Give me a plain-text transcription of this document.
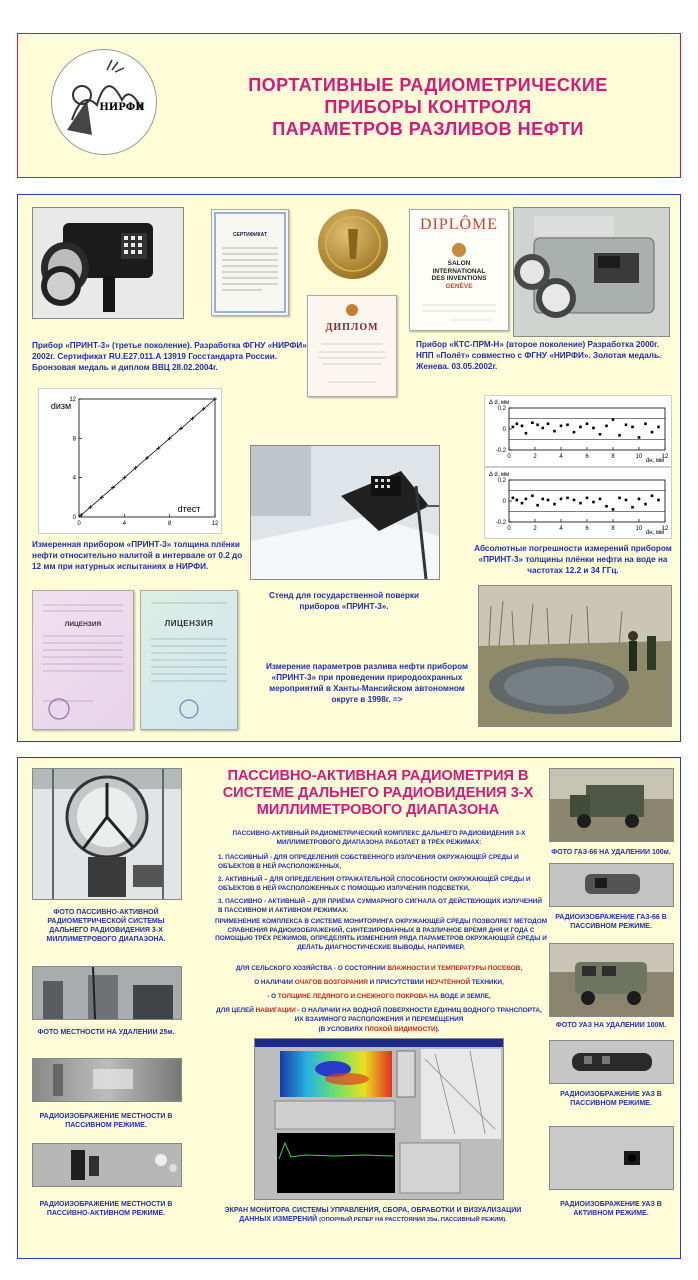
НИРФИ
ПОРТАТИВНЫЕ РАДИОМЕТРИЧЕСКИЕ
ПРИБОРЫ КОНТРОЛЯ
ПАРАМЕТРОВ РАЗЛИВОВ НЕФТИ
СЕРТИФИКАТ
ДИПЛОМ
DIPLÔME
SALON
INTERNATIONAL
DES INVENTIONS
GENÈVE
Прибор «ПРИНТ-3» (третье поколение). Разработка ФГНУ «НИРФИ» 2002г. Сертификат RU.E27.011.A 13919 Госстандарта России. Бронзовая медаль и диплом ВВЦ 28.02.2004г.
Прибор «КТС-ПРМ-Н» (второе поколение) Разработка 2000г. НПП «Полёт» совместно с ФГНУ «НИРФИ». Золотая медаль. Женева. 03.05.2002г.
0	4	8	12
0
4
8
12
dизм
dтест
0	2	4	6	8	10	12
0.2
0
-0.2
Δ d, мм
dн, мм
0	2	4	6	8	10	12
0.2
0
-0.2
Δ d, мм
dн, мм
Измеренная прибором «ПРИНТ-3» толщина плёнки нефти относительно налитой в интервале от 0.2 до 12 мм при натурных испытаниях в НИРФИ.
Абсолютные погрешности измерений прибором «ПРИНТ-3» толщины плёнки нефти на воде на частотах 12.2 и 34 ГГц.
ЛИЦЕНЗИЯ	ЛИЦЕНЗИЯ
Стенд для государственной поверки приборов «ПРИНТ-3».
Измерение параметров разлива нефти прибором «ПРИНТ-3» при проведении природоохранных мероприятий в Ханты-Мансийском автономном округе в 1998г. =>
ФОТО ПАССИВНО-АКТИВНОЙ РАДИОМЕТРИЧЕСКОЙ СИСТЕМЫ ДАЛЬНЕГО РАДИОВИДЕНИЯ 3-Х МИЛЛИМЕТРОВОГО ДИАПАЗОНА.
ФОТО МЕСТНОСТИ НА УДАЛЕНИИ 25м.
РАДИОИЗОБРАЖЕНИЕ МЕСТНОСТИ В ПАССИВНОМ РЕЖИМЕ.
РАДИОИЗОБРАЖЕНИЕ МЕСТНОСТИ В ПАССИВНО-АКТИВНОМ РЕЖИМЕ.
ПАССИВНО-АКТИВНАЯ РАДИОМЕТРИЯ В СИСТЕМЕ ДАЛЬНЕГО РАДИОВИДЕНИЯ 3-Х МИЛЛИМЕТРОВОГО ДИАПАЗОНА
ПАССИВНО-АКТИВНЫЙ РАДИОМЕТРИЧЕСКИЙ КОМПЛЕКС ДАЛЬНЕГО РАДИОВИДЕНИЯ 3-Х МИЛЛИМЕТРОВОГО ДИАПАЗОНА РАБОТАЕТ В ТРЁХ РЕЖИМАХ:
1. ПАССИВНЫЙ - ДЛЯ ОПРЕДЕЛЕНИЯ СОБСТВЕННОГО ИЗЛУЧЕНИЯ ОКРУЖАЮЩЕЙ СРЕДЫ И ОБЪЕКТОВ В НЕЙ РАСПОЛОЖЕННЫХ,
2. АКТИВНЫЙ – ДЛЯ ОПРЕДЕЛЕНИЯ ОТРАЖАТЕЛЬНОЙ СПОСОБНОСТИ ОКРУЖАЮЩЕЙ СРЕДЫ И ОБЪЕКТОВ В НЕЙ РАСПОЛОЖЕННЫХ С ПОМОЩЬЮ ИЗЛУЧЕНИЯ ПОДСВЕТКИ,
3. ПАССИВНО - АКТИВНЫЙ – ДЛЯ ПРИЁМА СУММАРНОГО СИГНАЛА ОТ ДЕЙСТВУЮЩИХ ИЗЛУЧЕНИЙ В ПАССИВНОМ И АКТИВНОМ РЕЖИМАХ.
ПРИМЕНЕНИЕ КОМПЛЕКСА В СИСТЕМЕ МОНИТОРИНГА ОКРУЖАЮЩЕЙ СРЕДЫ ПОЗВОЛЯЕТ МЕТОДОМ СРАВНЕНИЯ РАДИОИЗОБРАЖЕНИЙ, СИНТЕЗИРОВАННЫХ В РАЗЛИЧНОЕ ВРЕМЯ ДНЯ И ГОДА С ПОМОЩЬЮ ТРЁХ РЕЖИМОВ, ОПРЕДЕЛЯТЬ ИЗМЕНЕНИЯ РЯДА ПАРАМЕТРОВ ОКРУЖАЮЩЕЙ СРЕДЫ И ДЕЛАТЬ ДИАГНОСТИЧЕСКИЕ ВЫВОДЫ, НАПРИМЕР,
ДЛЯ СЕЛЬСКОГО ХОЗЯЙСТВА - О СОСТОЯНИИ ВЛАЖНОСТИ И ТЕМПЕРАТУРЫ ПОСЕВОВ,
О НАЛИЧИИ ОЧАГОВ ВОЗГОРАНИЯ И ПРИСУТСТВИИ НЕУЧТЁННОЙ ТЕХНИКИ,
- О ТОЛЩИНЕ ЛЕДЯНОГО И СНЕЖНОГО ПОКРОВА НА ВОДЕ И ЗЕМЛЕ,
ДЛЯ ЦЕЛЕЙ НАВИГАЦИИ - О НАЛИЧИИ НА ВОДНОЙ ПОВЕРХНОСТИ ЕДИНИЦ ВОДНОГО ТРАНСПОРТА, ИХ ВЗАИМНОГО РАСПОЛОЖЕНИЯ И ПЕРЕМЕЩЕНИЯ
(В УСЛОВИЯХ ПЛОХОЙ ВИДИМОСТИ).
ЭКРАН МОНИТОРА СИСТЕМЫ УПРАВЛЕНИЯ, СБОРА, ОБРАБОТКИ И ВИЗУАЛИЗАЦИИ ДАННЫХ ИЗМЕРЕНИЙ (ОПОРНЫЙ РЕПЕР НА РАССТОЯНИИ 35м, ПАССИВНЫЙ РЕЖИМ).
ФОТО ГАЗ-66 НА УДАЛЕНИИ 100м.
РАДИОИЗОБРАЖЕНИЕ ГАЗ-66 В ПАССИВНОМ РЕЖИМЕ.
ФОТО УАЗ НА УДАЛЕНИИ 100М.
РАДИОИЗОБРАЖЕНИЕ УАЗ В ПАССИВНОМ РЕЖИМЕ.
РАДИОИЗОБРАЖЕНИЕ УАЗ В АКТИВНОМ РЕЖИМЕ.
